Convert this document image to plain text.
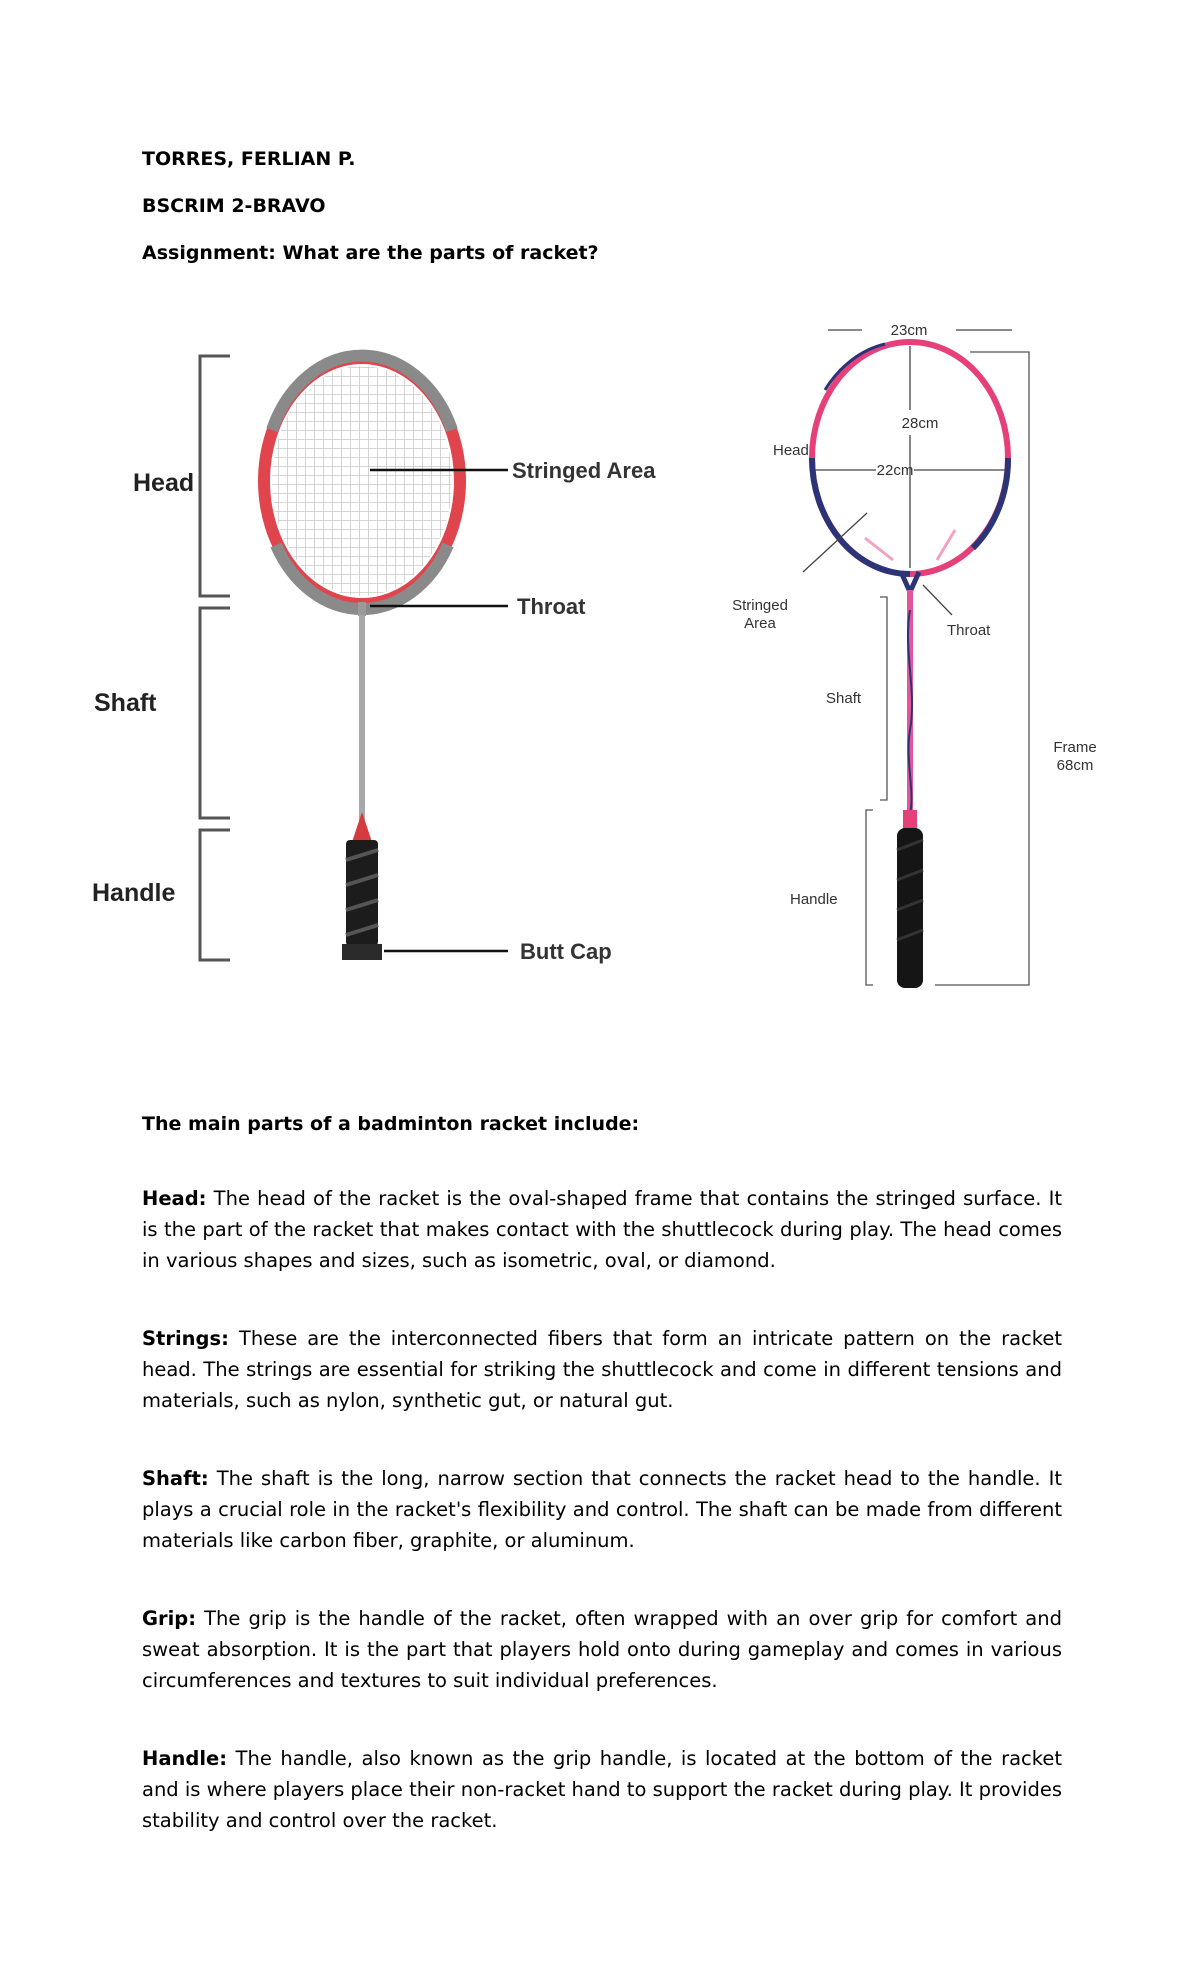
TORRES, FERLIAN P.
BSCRIM 2-BRAVO
Assignment: What are the parts of racket?
Head
Shaft
Handle
Stringed Area
Throat
Butt Cap
23cm
28cm
22cm
Head
Stringed
Area	Throat
Shaft
Handle
Frame
68cm
The main parts of a badminton racket include:
Head: The head of the racket is the oval-shaped frame that contains the stringed surface. It is the part of the racket that makes contact with the shuttlecock during play. The head comes in various shapes and sizes, such as isometric, oval, or diamond.
Strings: These are the interconnected fibers that form an intricate pattern on the racket head. The strings are essential for striking the shuttlecock and come in different tensions and materials, such as nylon, synthetic gut, or natural gut.
Shaft: The shaft is the long, narrow section that connects the racket head to the handle. It plays a crucial role in the racket's flexibility and control. The shaft can be made from different materials like carbon fiber, graphite, or aluminum.
Grip: The grip is the handle of the racket, often wrapped with an over grip for comfort and sweat absorption. It is the part that players hold onto during gameplay and comes in various circumferences and textures to suit individual preferences.
Handle: The handle, also known as the grip handle, is located at the bottom of the racket and is where players place their non-racket hand to support the racket during play. It provides stability and control over the racket.
